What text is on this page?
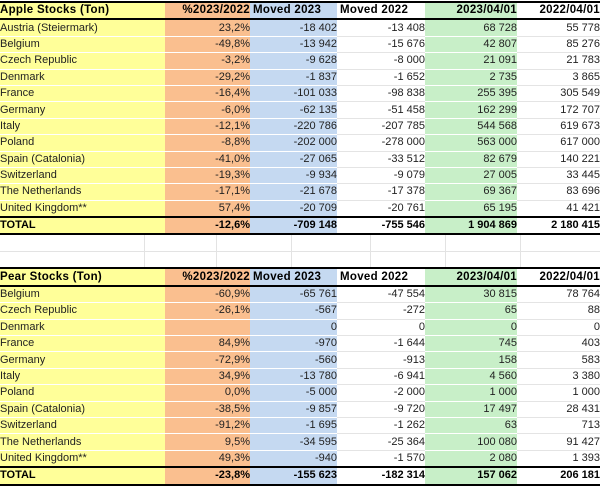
Apple Stocks (Ton)	%2023/2022	Moved 2023	Moved 2022	2023/04/01	2022/04/01
Austria (Steiermark)	23,2%	-18 402	-13 408	68 728	55 778
Belgium	-49,8%	-13 942	-15 676	42 807	85 276
Czech Republic	-3,2%	-9 628	-8 000	21 091	21 783
Denmark	-29,2%	-1 837	-1 652	2 735	3 865
France	-16,4%	-101 033	-98 838	255 395	305 549
Germany	-6,0%	-62 135	-51 458	162 299	172 707
Italy	-12,1%	-220 786	-207 785	544 568	619 673
Poland	-8,8%	-202 000	-278 000	563 000	617 000
Spain (Catalonia)	-41,0%	-27 065	-33 512	82 679	140 221
Switzerland	-19,3%	-9 934	-9 079	27 005	33 445
The Netherlands	-17,1%	-21 678	-17 378	69 367	83 696
United Kingdom**	57,4%	-20 709	-20 761	65 195	41 421
TOTAL	-12,6%	-709 148	-755 546	1 904 869	2 180 415

Pear Stocks (Ton)	%2023/2022	Moved 2023	Moved 2022	2023/04/01	2022/04/01
Belgium	-60,9%	-65 761	-47 554	30 815	78 764
Czech Republic	-26,1%	-567	-272	65	88
Denmark		0	0	0	0
France	84,9%	-970	-1 644	745	403
Germany	-72,9%	-560	-913	158	583
Italy	34,9%	-13 780	-6 941	4 560	3 380
Poland	0,0%	-5 000	-2 000	1 000	1 000
Spain (Catalonia)	-38,5%	-9 857	-9 720	17 497	28 431
Switzerland	-91,2%	-1 695	-1 262	63	713
The Netherlands	9,5%	-34 595	-25 364	100 080	91 427
United Kingdom**	49,3%	-940	-1 570	2 080	1 393
TOTAL	-23,8%	-155 623	-182 314	157 062	206 181
